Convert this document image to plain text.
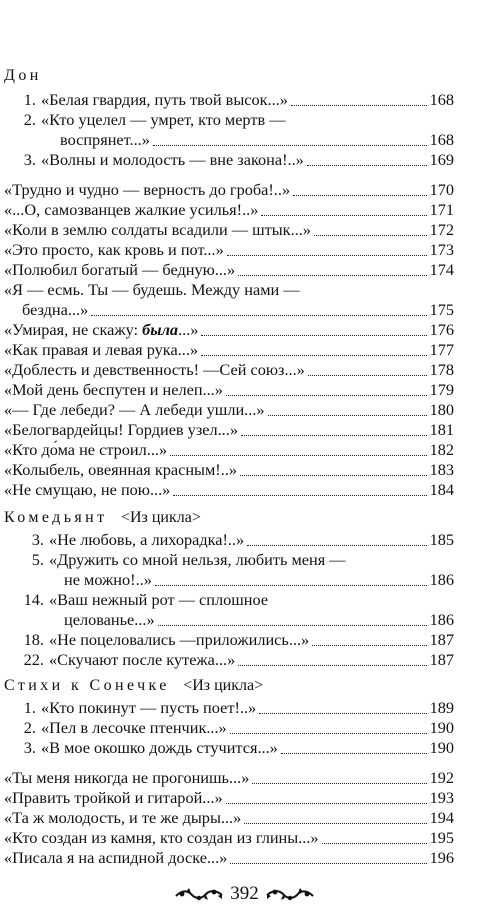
Дон
1. «Белая гвардия, путь твой высок...»	168
2. «Кто уцелел — умрет, кто мертв —
воспрянет...»	168
3. «Волны и молодость — вне закона!..»	169
«Трудно и чудно — верность до гроба!..»	170
«...О, самозванцев жалкие усилья!..»	171
«Коли в землю солдаты всадили — штык...»	172
«Это просто, как кровь и пот...»	173
«Полюбил богатый — бедную...»	174
«Я — есмь. Ты — будешь. Между нами —
бездна...»	175
«Умирая, не скажу: была...»	176
«Как правая и левая рука...»	177
«Доблесть и девственность! —Сей союз...»	178
«Мой день беспутен и нелеп...»	179
«— Где лебеди? — А лебеди ушли...»	180
«Белогвардейцы! Гордиев узел...»	181
«Кто до́ма не строил...»	182
«Колыбель, овеянная красным!..»	183
«Не смущаю, не пою...»	184
Комедьянт <Из цикла>
3. «Не любовь, а лихорадка!..»	185
5. «Дружить со мной нельзя, любить меня —
не можно!..»	186
14. «Ваш нежный рот — сплошное
целованье...»	186
18. «Не поцеловались —приложились...»	187
22. «Скучают после кутежа...»	187
Стихи к Сонечке <Из цикла>
1. «Кто покинут — пусть поет!..»	189
2. «Пел в лесочке птенчик...»	190
3. «В мое окошко дождь стучится...»	190
«Ты меня никогда не прогонишь...»	192
«Править тройкой и гитарой...»	193
«Та ж молодость, и те же дыры...»	194
«Кто создан из камня, кто создан из глины...»	195
«Писала я на аспидной доске...»	196
392
